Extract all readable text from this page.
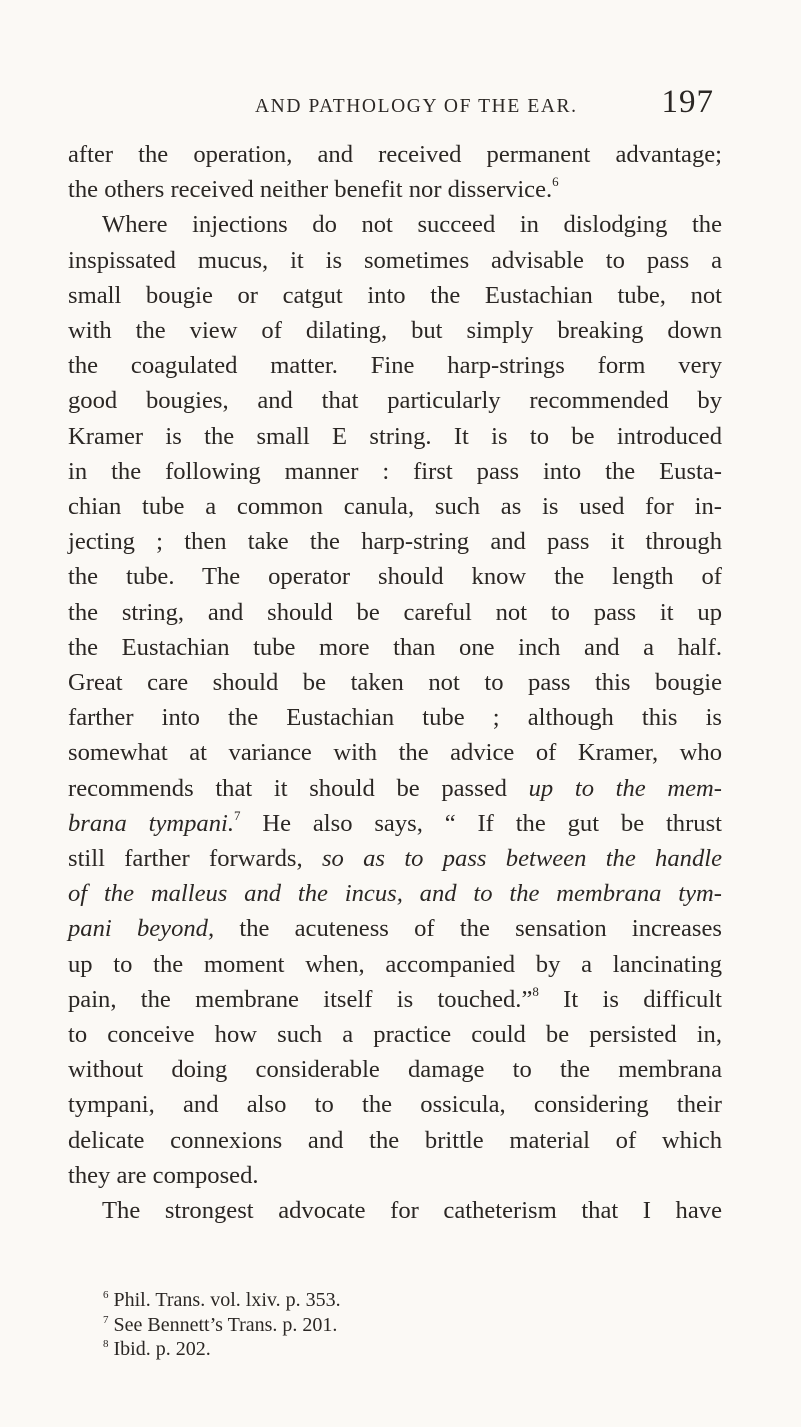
AND PATHOLOGY OF THE EAR.	197
after the operation, and received permanent advantage;
the others received neither benefit nor disservice.$^6$
Where injections do not succeed in dislodging the
inspissated mucus, it is sometimes advisable to pass a
small bougie or catgut into the Eustachian tube, not
with the view of dilating, but simply breaking down
the coagulated matter. Fine harp-strings form very
good bougies, and that particularly recommended by
Kramer is the small E string. It is to be introduced
in the following manner : first pass into the Eusta-
chian tube a common canula, such as is used for in-
jecting ; then take the harp-string and pass it through
the tube. The operator should know the length of
the string, and should be careful not to pass it up
the Eustachian tube more than one inch and a half.
Great care should be taken not to pass this bougie
farther into the Eustachian tube ; although this is
somewhat at variance with the advice of Kramer, who
recommends that it should be passed up to the mem-
brana tympani.$^7$ He also says, “ If the gut be thrust
still farther forwards, so as to pass between the handle
of the malleus and the incus, and to the membrana tym-
pani beyond, the acuteness of the sensation increases
up to the moment when, accompanied by a lancinating
pain, the membrane itself is touched.”$^8$ It is difficult
to conceive how such a practice could be persisted in,
without doing considerable damage to the membrana
tympani, and also to the ossicula, considering their
delicate connexions and the brittle material of which
they are composed.
The strongest advocate for catheterism that I have
$^6$ Phil. Trans. vol. lxiv. p. 353.
$^7$ See Bennett’s Trans. p. 201.
$^8$ Ibid. p. 202.
